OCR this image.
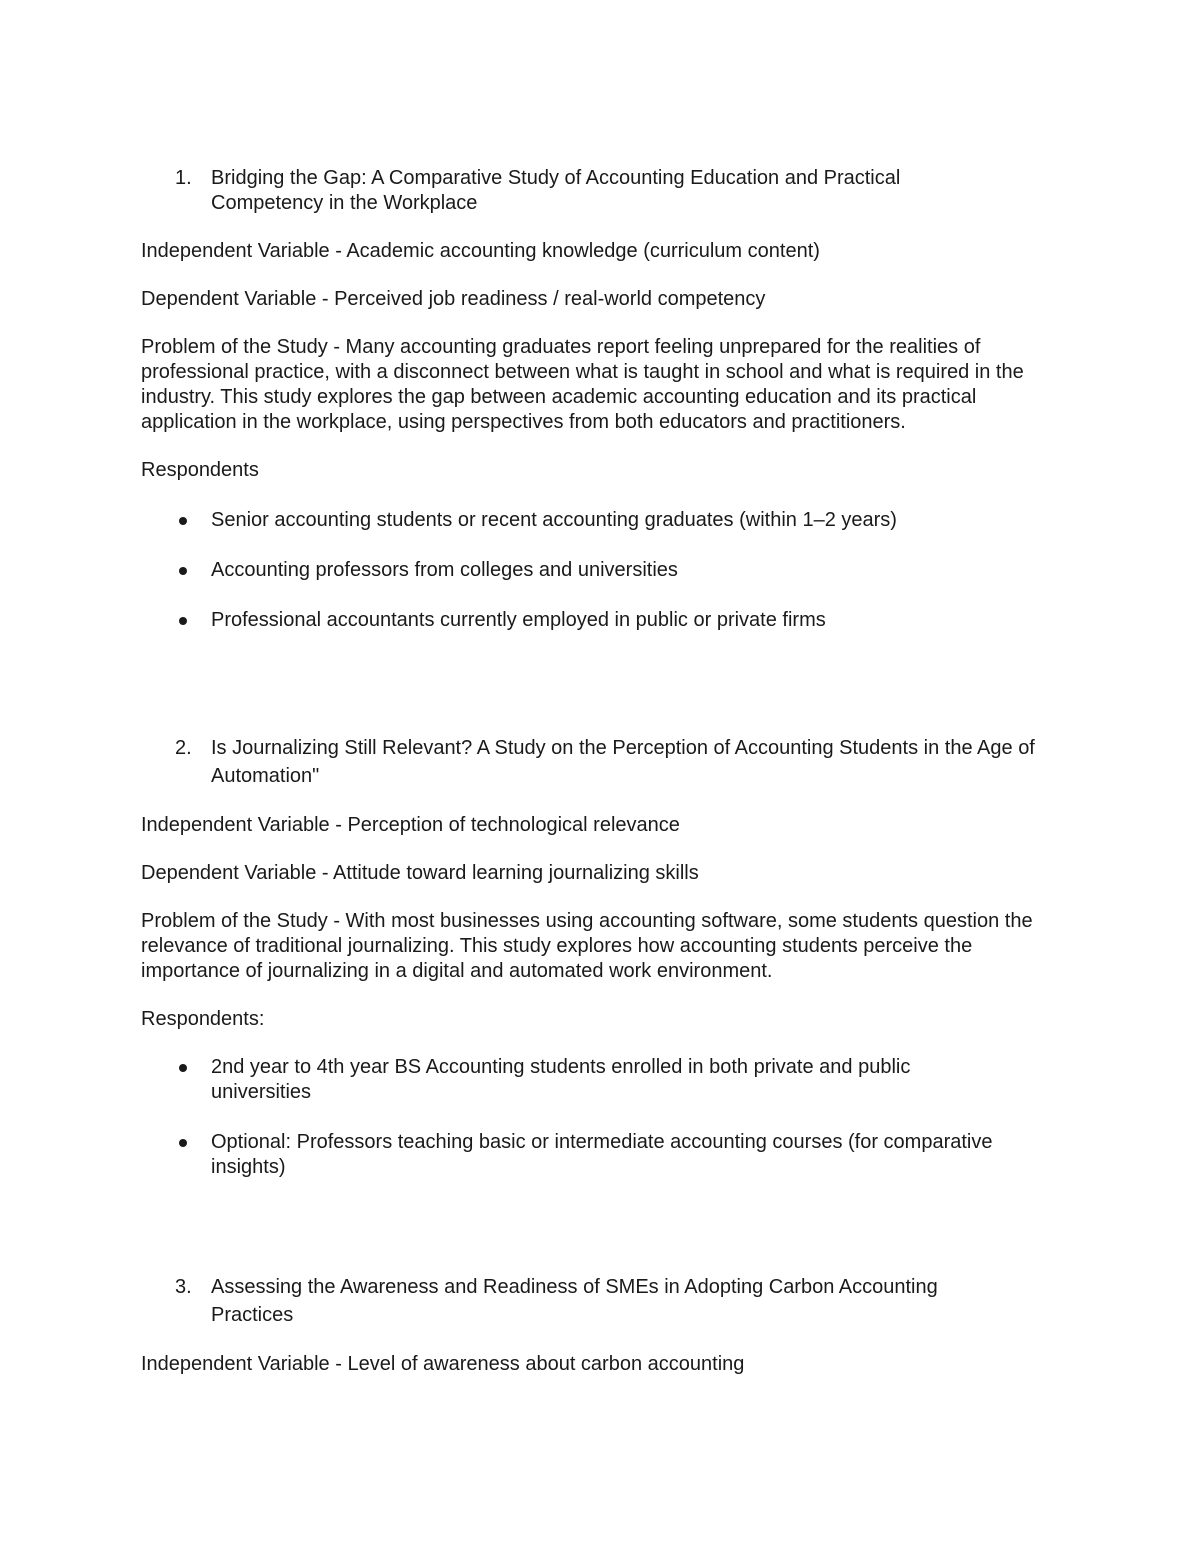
1. Bridging the Gap: A Comparative Study of Accounting Education and Practical Competency in the Workplace

Independent Variable - Academic accounting knowledge (curriculum content)

Dependent Variable - Perceived job readiness / real-world competency

Problem of the Study - Many accounting graduates report feeling unprepared for the realities of professional practice, with a disconnect between what is taught in school and what is required in the industry. This study explores the gap between academic accounting education and its practical application in the workplace, using perspectives from both educators and practitioners.

Respondents

Senior accounting students or recent accounting graduates (within 1–2 years)

Accounting professors from colleges and universities

Professional accountants currently employed in public or private firms

2. Is Journalizing Still Relevant? A Study on the Perception of Accounting Students in the Age of Automation"

Independent Variable - Perception of technological relevance

Dependent Variable - Attitude toward learning journalizing skills

Problem of the Study - With most businesses using accounting software, some students question the relevance of traditional journalizing. This study explores how accounting students perceive the importance of journalizing in a digital and automated work environment.

Respondents:

2nd year to 4th year BS Accounting students enrolled in both private and public universities

Optional: Professors teaching basic or intermediate accounting courses (for comparative insights)

3. Assessing the Awareness and Readiness of SMEs in Adopting Carbon Accounting Practices

Independent Variable - Level of awareness about carbon accounting
